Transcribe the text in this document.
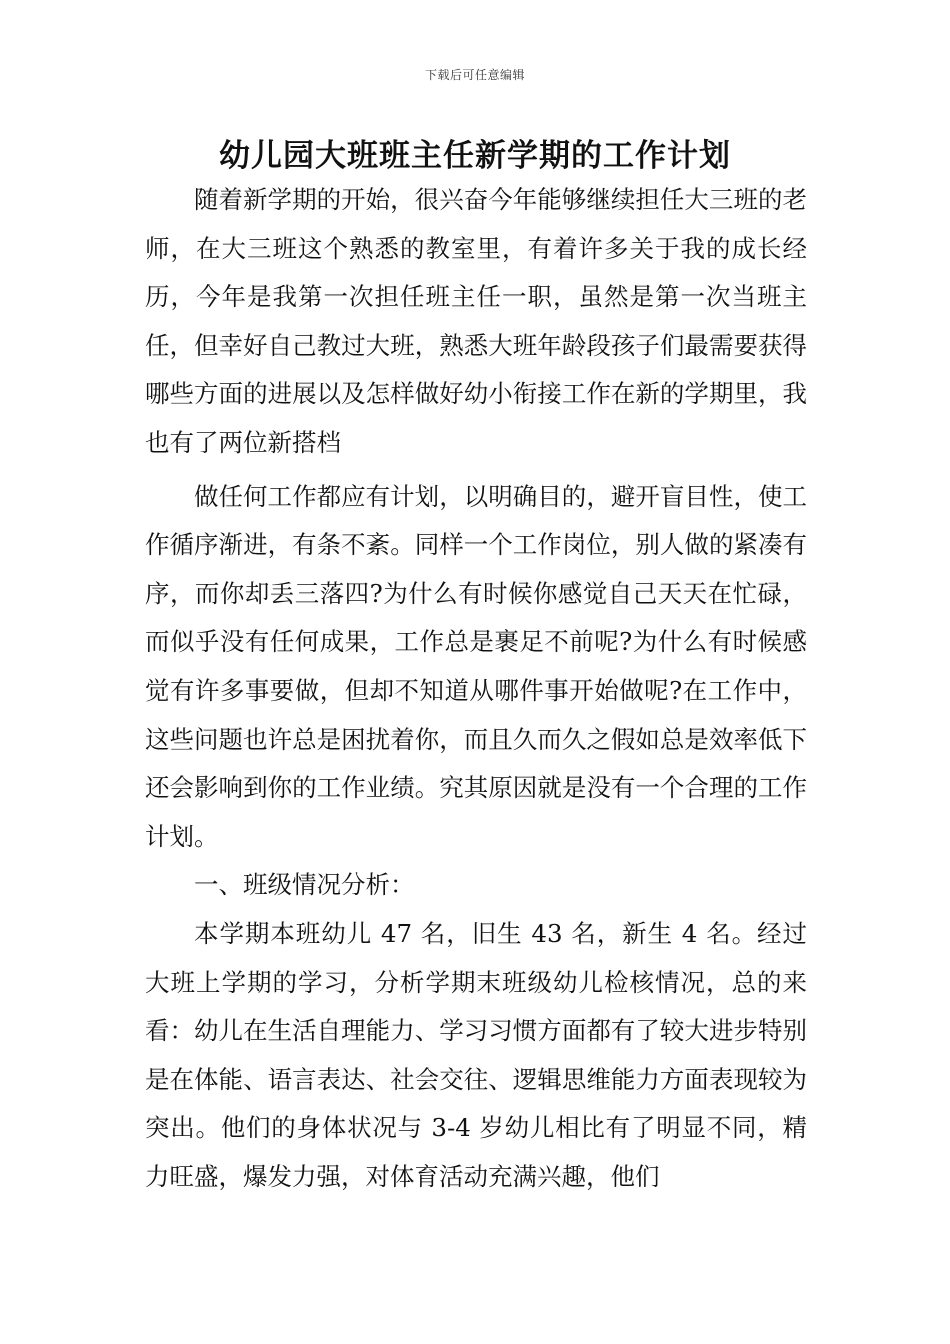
下载后可任意编辑
幼儿园大班班主任新学期的工作计划

随着新学期的开始，很兴奋今年能够继续担任大三班的老师，在大三班这个熟悉的教室里，有着许多关于我的成长经历，今年是我第一次担任班主任一职，虽然是第一次当班主任，但幸好自己教过大班，熟悉大班年龄段孩子们最需要获得哪些方面的进展以及怎样做好幼小衔接工作在新的学期里，我也有了两位新搭档

做任何工作都应有计划，以明确目的，避开盲目性，使工作循序渐进，有条不紊。同样一个工作岗位，别人做的紧凑有序，而你却丢三落四?为什么有时候你感觉自己天天在忙碌，而似乎没有任何成果，工作总是裹足不前呢?为什么有时候感觉有许多事要做，但却不知道从哪件事开始做呢?在工作中，这些问题也许总是困扰着你，而且久而久之假如总是效率低下还会影响到你的工作业绩。究其原因就是没有一个合理的工作计划。

一、班级情况分析：

本学期本班幼儿 47 名，旧生 43 名，新生 4 名。经过大班上学期的学习，分析学期末班级幼儿检核情况，总的来看：幼儿在生活自理能力、学习习惯方面都有了较大进步特别是在体能、语言表达、社会交往、逻辑思维能力方面表现较为突出。他们的身体状况与 3-4 岁幼儿相比有了明显不同，精力旺盛，爆发力强，对体育活动充满兴趣，他们
